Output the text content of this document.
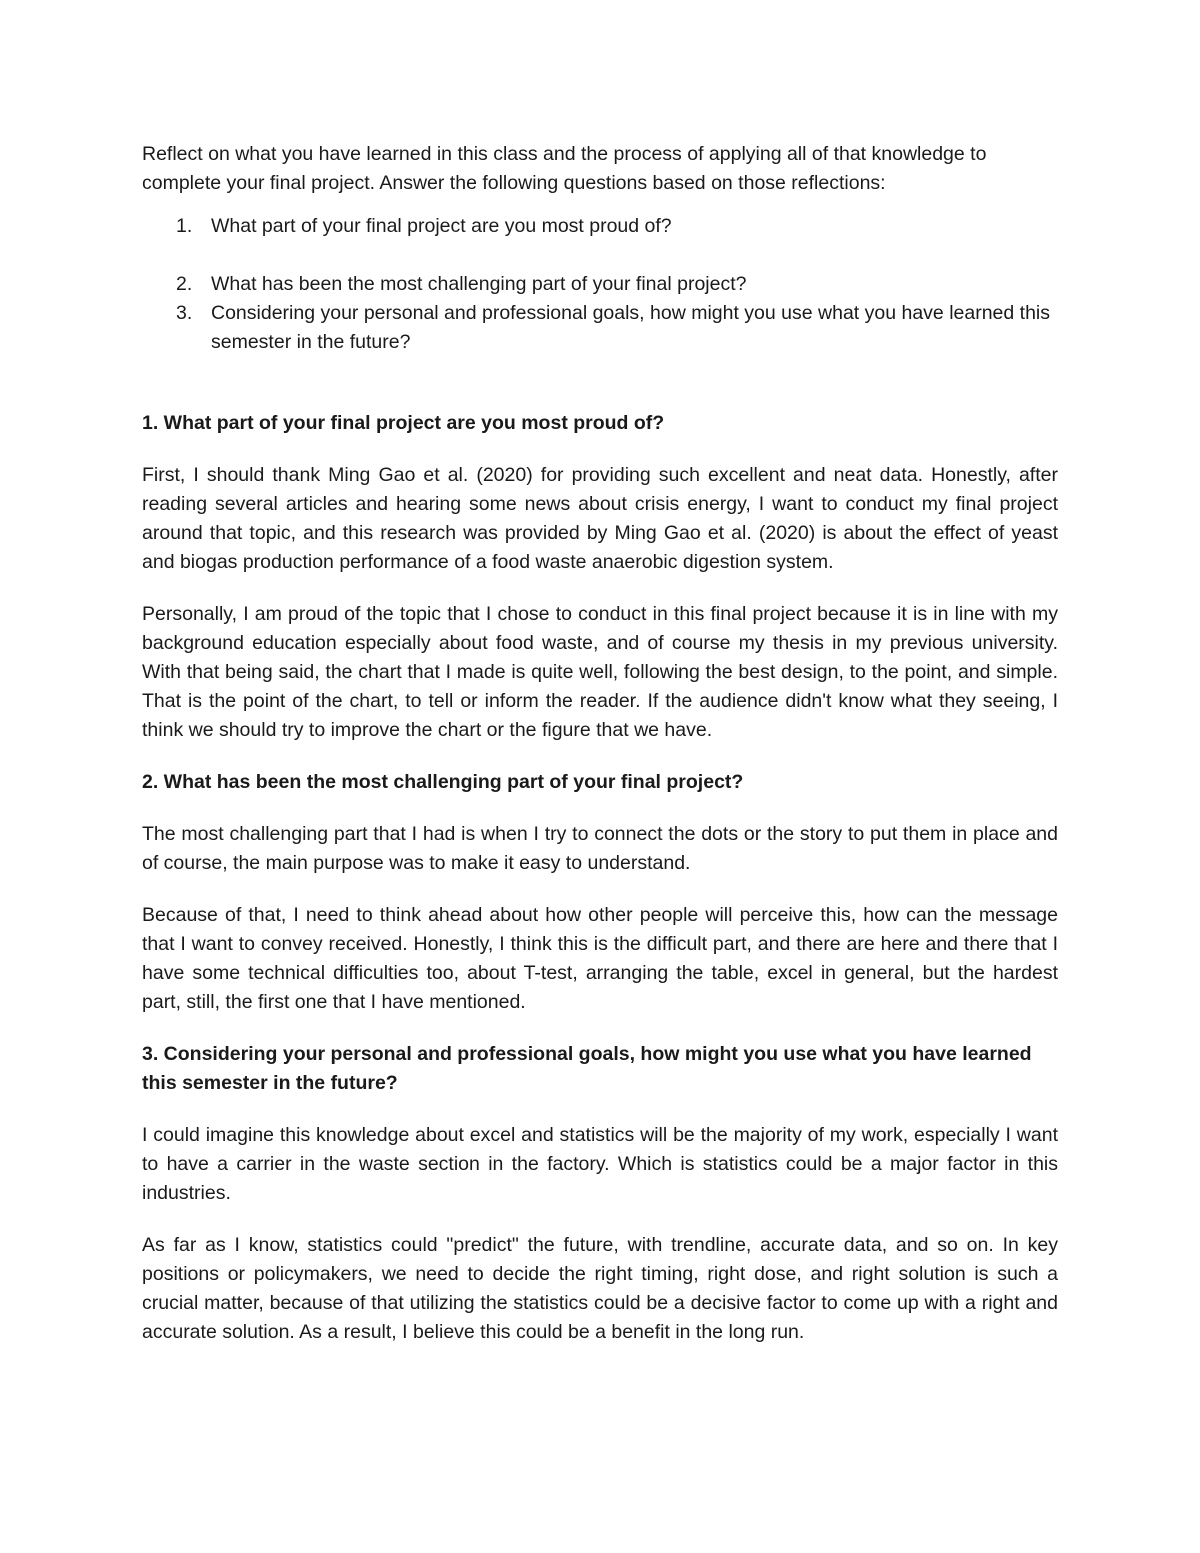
Reflect on what you have learned in this class and the process of applying all of that knowledge to complete your final project. Answer the following questions based on those reflections:

1. What part of your final project are you most proud of?
2. What has been the most challenging part of your final project?
3. Considering your personal and professional goals, how might you use what you have learned this semester in the future?

1. What part of your final project are you most proud of?

First, I should thank Ming Gao et al. (2020) for providing such excellent and neat data. Honestly, after reading several articles and hearing some news about crisis energy, I want to conduct my final project around that topic, and this research was provided by Ming Gao et al. (2020) is about the effect of yeast and biogas production performance of a food waste anaerobic digestion system.

Personally, I am proud of the topic that I chose to conduct in this final project because it is in line with my background education especially about food waste, and of course my thesis in my previous university. With that being said, the chart that I made is quite well, following the best design, to the point, and simple. That is the point of the chart, to tell or inform the reader. If the audience didn't know what they seeing, I think we should try to improve the chart or the figure that we have.

2. What has been the most challenging part of your final project?

The most challenging part that I had is when I try to connect the dots or the story to put them in place and of course, the main purpose was to make it easy to understand.

Because of that, I need to think ahead about how other people will perceive this, how can the message that I want to convey received. Honestly, I think this is the difficult part, and there are here and there that I have some technical difficulties too, about T-test, arranging the table, excel in general, but the hardest part, still, the first one that I have mentioned.

3. Considering your personal and professional goals, how might you use what you have learned this semester in the future?

I could imagine this knowledge about excel and statistics will be the majority of my work, especially I want to have a carrier in the waste section in the factory. Which is statistics could be a major factor in this industries.

As far as I know, statistics could "predict" the future, with trendline, accurate data, and so on. In key positions or policymakers, we need to decide the right timing, right dose, and right solution is such a crucial matter, because of that utilizing the statistics could be a decisive factor to come up with a right and accurate solution. As a result, I believe this could be a benefit in the long run.
